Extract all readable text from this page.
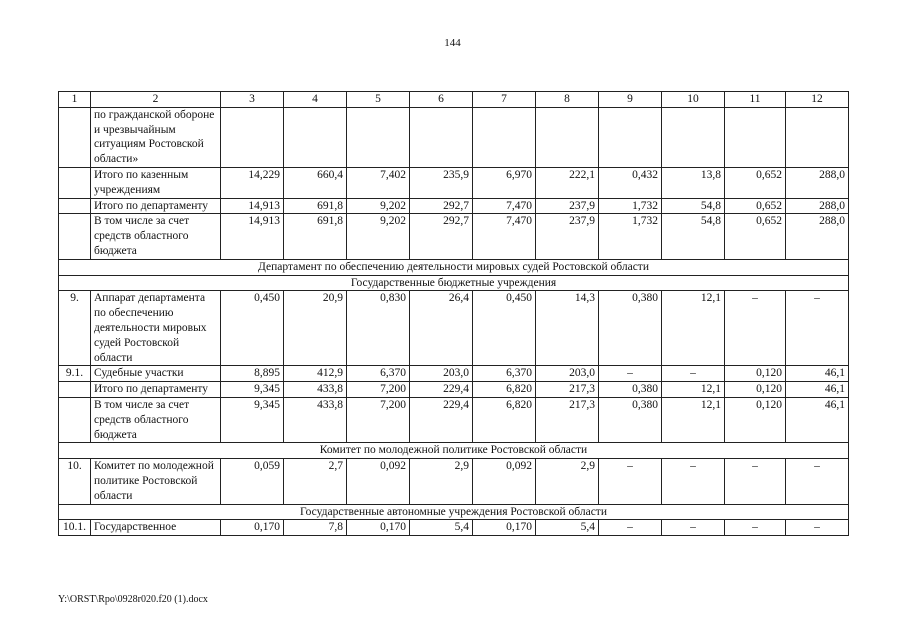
144
1	2	3	4	5	6	7	8	9	10	11	12
	по гражданской обороне и чрезвычайным ситуациям Ростовской области»										
	Итого по казенным учреждениям	14,229	660,4	7,402	235,9	6,970	222,1	0,432	13,8	0,652	288,0
	Итого по департаменту	14,913	691,8	9,202	292,7	7,470	237,9	1,732	54,8	0,652	288,0
	В том числе за счет средств областного бюджета	14,913	691,8	9,202	292,7	7,470	237,9	1,732	54,8	0,652	288,0
Департамент по обеспечению деятельности мировых судей Ростовской области											
Государственные бюджетные учреждения											
9.	Аппарат департамента по обеспечению деятельности мировых судей Ростовской области	0,450	20,9	0,830	26,4	0,450	14,3	0,380	12,1	–	–
9.1.	Судебные участки	8,895	412,9	6,370	203,0	6,370	203,0	–	–	0,120	46,1
	Итого по департаменту	9,345	433,8	7,200	229,4	6,820	217,3	0,380	12,1	0,120	46,1
	В том числе за счет средств областного бюджета	9,345	433,8	7,200	229,4	6,820	217,3	0,380	12,1	0,120	46,1
Комитет по молодежной политике Ростовской области											
10.	Комитет по молодежной политике Ростовской области	0,059	2,7	0,092	2,9	0,092	2,9	–	–	–	–
Государственные автономные учреждения Ростовской области											
10.1.	Государственное	0,170	7,8	0,170	5,4	0,170	5,4	–	–	–	–
Y:\ORST\Rpo\0928r020.f20 (1).docx
